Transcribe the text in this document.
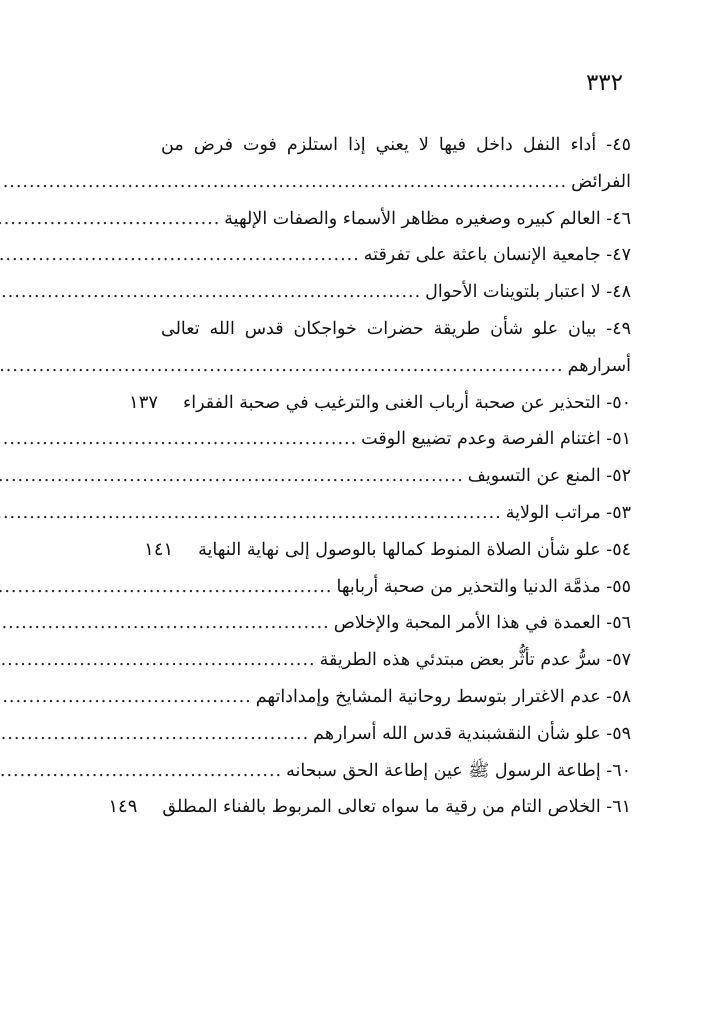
٣٣٢
٤٥- أداء النفل داخل فيها لا يعني إذا استلزم فوت فرض من
الفرائض
.....
٤٦- العالم كبيره وصغيره مظاهر الأسماء والصفات الإلهية
.....
٤٧- جامعية الإنسان باعثة على تفرقته
.....
٤٨- لا اعتبار بلتوينات الأحوال
.....
٤٩- بيان علو شأن طريقة حضرات خواجكان قدس الله تعالى
أسرارهم
.....
٥٠- التحذير عن صحبة أرباب الغنى والترغيب في صحبة الفقراء
١٣٧
٥١- اغتنام الفرصة وعدم تضييع الوقت
.....
٥٢- المنع عن التسويف
.....
٥٣- مراتب الولاية
.....
٥٤- علو شأن الصلاة المنوط كمالها بالوصول إلى نهاية النهاية
١٤١
٥٥- مذمَّة الدنيا والتحذير من صحبة أربابها
.....
٥٦- العمدة في هذا الأمر المحبة والإخلاص
.....
٥٧- سرُّ عدم تأثُّر بعض مبتدئي هذه الطريقة
.....
٥٨- عدم الاغترار بتوسط روحانية المشايخ وإمداداتهم
.....
٥٩- علو شأن النقشبندية قدس الله أسرارهم
.....
٦٠- إطاعة الرسول ﷺ عين إطاعة الحق سبحانه
.....
٦١- الخلاص التام من رقية ما سواه تعالى المربوط بالفناء المطلق
١٤٩
